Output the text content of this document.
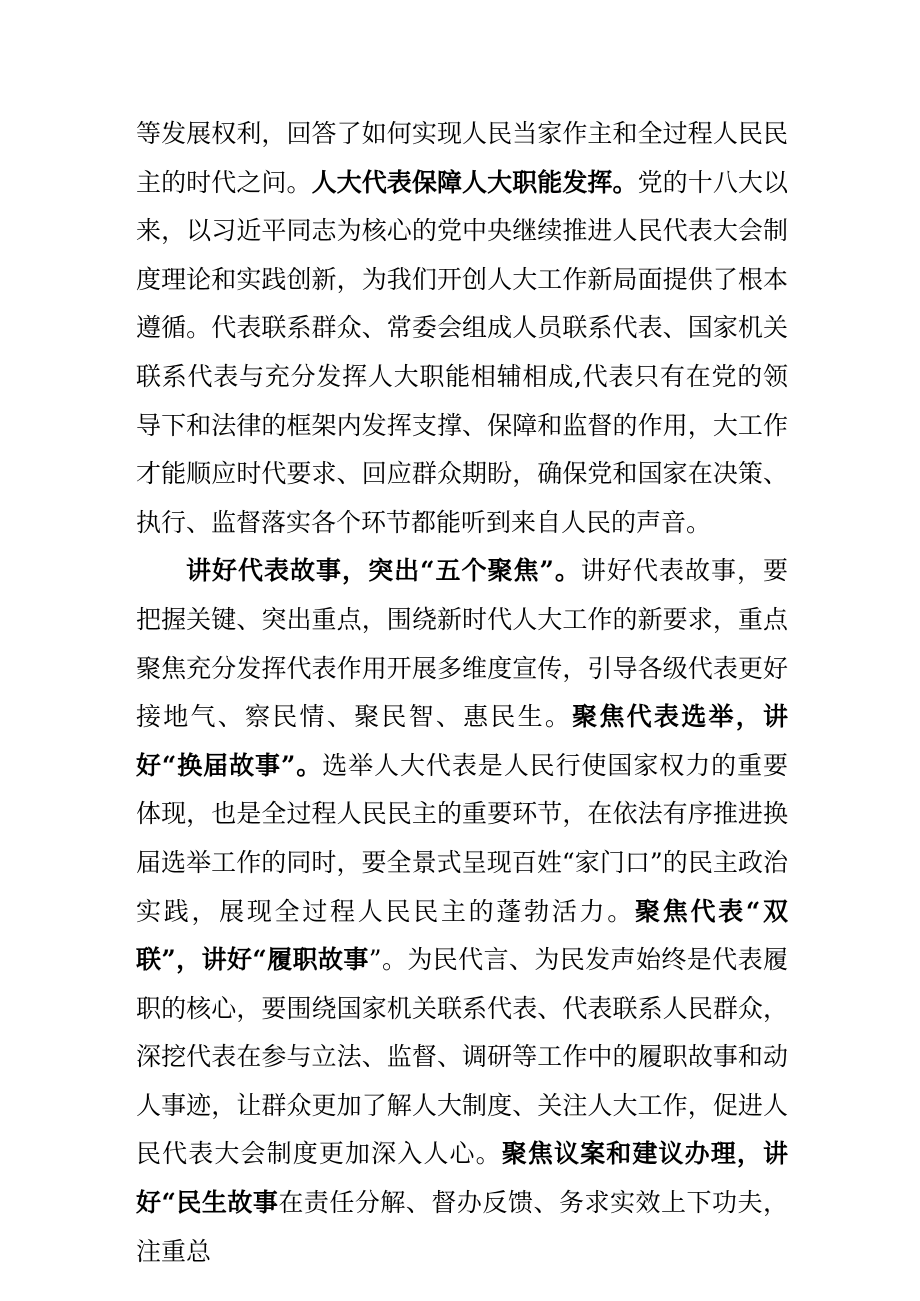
等发展权利，回答了如何实现人民当家作主和全过程人民民主的时代之问。人大代表保障人大职能发挥。党的十八大以来，以习近平同志为核心的党中央继续推进人民代表大会制度理论和实践创新，为我们开创人大工作新局面提供了根本遵循。代表联系群众、常委会组成人员联系代表、国家机关联系代表与充分发挥人大职能相辅相成,代表只有在党的领导下和法律的框架内发挥支撑、保障和监督的作用，大工作才能顺应时代要求、回应群众期盼，确保党和国家在决策、执行、监督落实各个环节都能听到来自人民的声音。

讲好代表故事，突出“五个聚焦”。讲好代表故事，要把握关键、突出重点，围绕新时代人大工作的新要求，重点聚焦充分发挥代表作用开展多维度宣传，引导各级代表更好接地气、察民情、聚民智、惠民生。聚焦代表选举，讲好“换届故事”。选举人大代表是人民行使国家权力的重要体现，也是全过程人民民主的重要环节，在依法有序推进换届选举工作的同时，要全景式呈现百姓“家门口”的民主政治实践，展现全过程人民民主的蓬勃活力。聚焦代表“双联”，讲好“履职故事”。为民代言、为民发声始终是代表履职的核心，要围绕国家机关联系代表、代表联系人民群众，深挖代表在参与立法、监督、调研等工作中的履职故事和动人事迹，让群众更加了解人大制度、关注人大工作，促进人民代表大会制度更加深入人心。聚焦议案和建议办理，讲好“民生故事在责任分解、督办反馈、务求实效上下功夫，注重总
